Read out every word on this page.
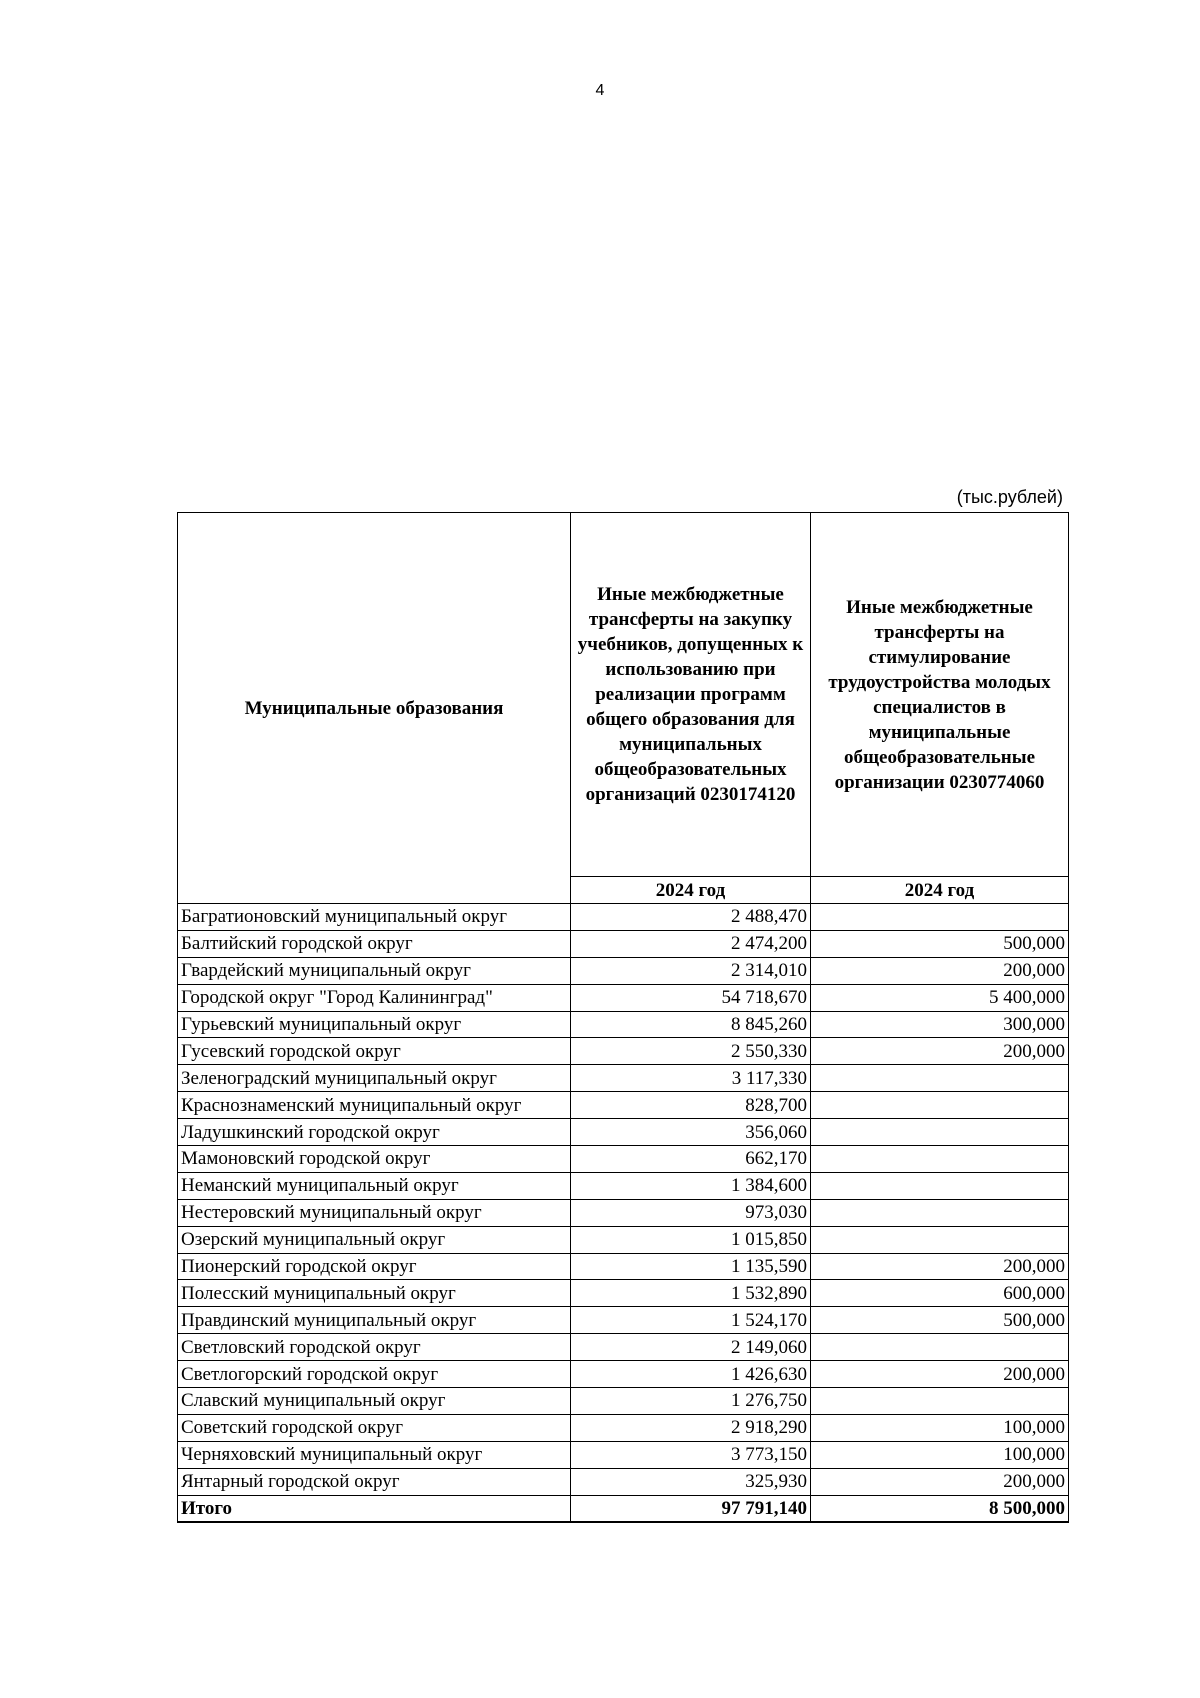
4
(тыс.рублей)
Муниципальные образования	Иные межбюджетные трансферты на закупку учебников, допущенных к использованию при реализации программ общего образования для муниципальных общеобразовательных организаций 0230174120	Иные межбюджетные трансферты на стимулирование трудоустройства молодых специалистов в муниципальные общеобразовательные организации 0230774060
	2024 год	2024 год
Багратионовский муниципальный округ	2 488,470	
Балтийский городской округ	2 474,200	500,000
Гвардейский муниципальный округ	2 314,010	200,000
Городской округ "Город Калининград"	54 718,670	5 400,000
Гурьевский муниципальный округ	8 845,260	300,000
Гусевский городской округ	2 550,330	200,000
Зеленоградский муниципальный округ	3 117,330	
Краснознаменский муниципальный округ	828,700	
Ладушкинский городской округ	356,060	
Мамоновский городской округ	662,170	
Неманский муниципальный округ	1 384,600	
Нестеровский муниципальный округ	973,030	
Озерский муниципальный округ	1 015,850	
Пионерский городской округ	1 135,590	200,000
Полесский муниципальный округ	1 532,890	600,000
Правдинский муниципальный округ	1 524,170	500,000
Светловский городской округ	2 149,060	
Светлогорский городской округ	1 426,630	200,000
Славский муниципальный округ	1 276,750	
Советский городской округ	2 918,290	100,000
Черняховский муниципальный округ	3 773,150	100,000
Янтарный городской округ	325,930	200,000
Итого	97 791,140	8 500,000
